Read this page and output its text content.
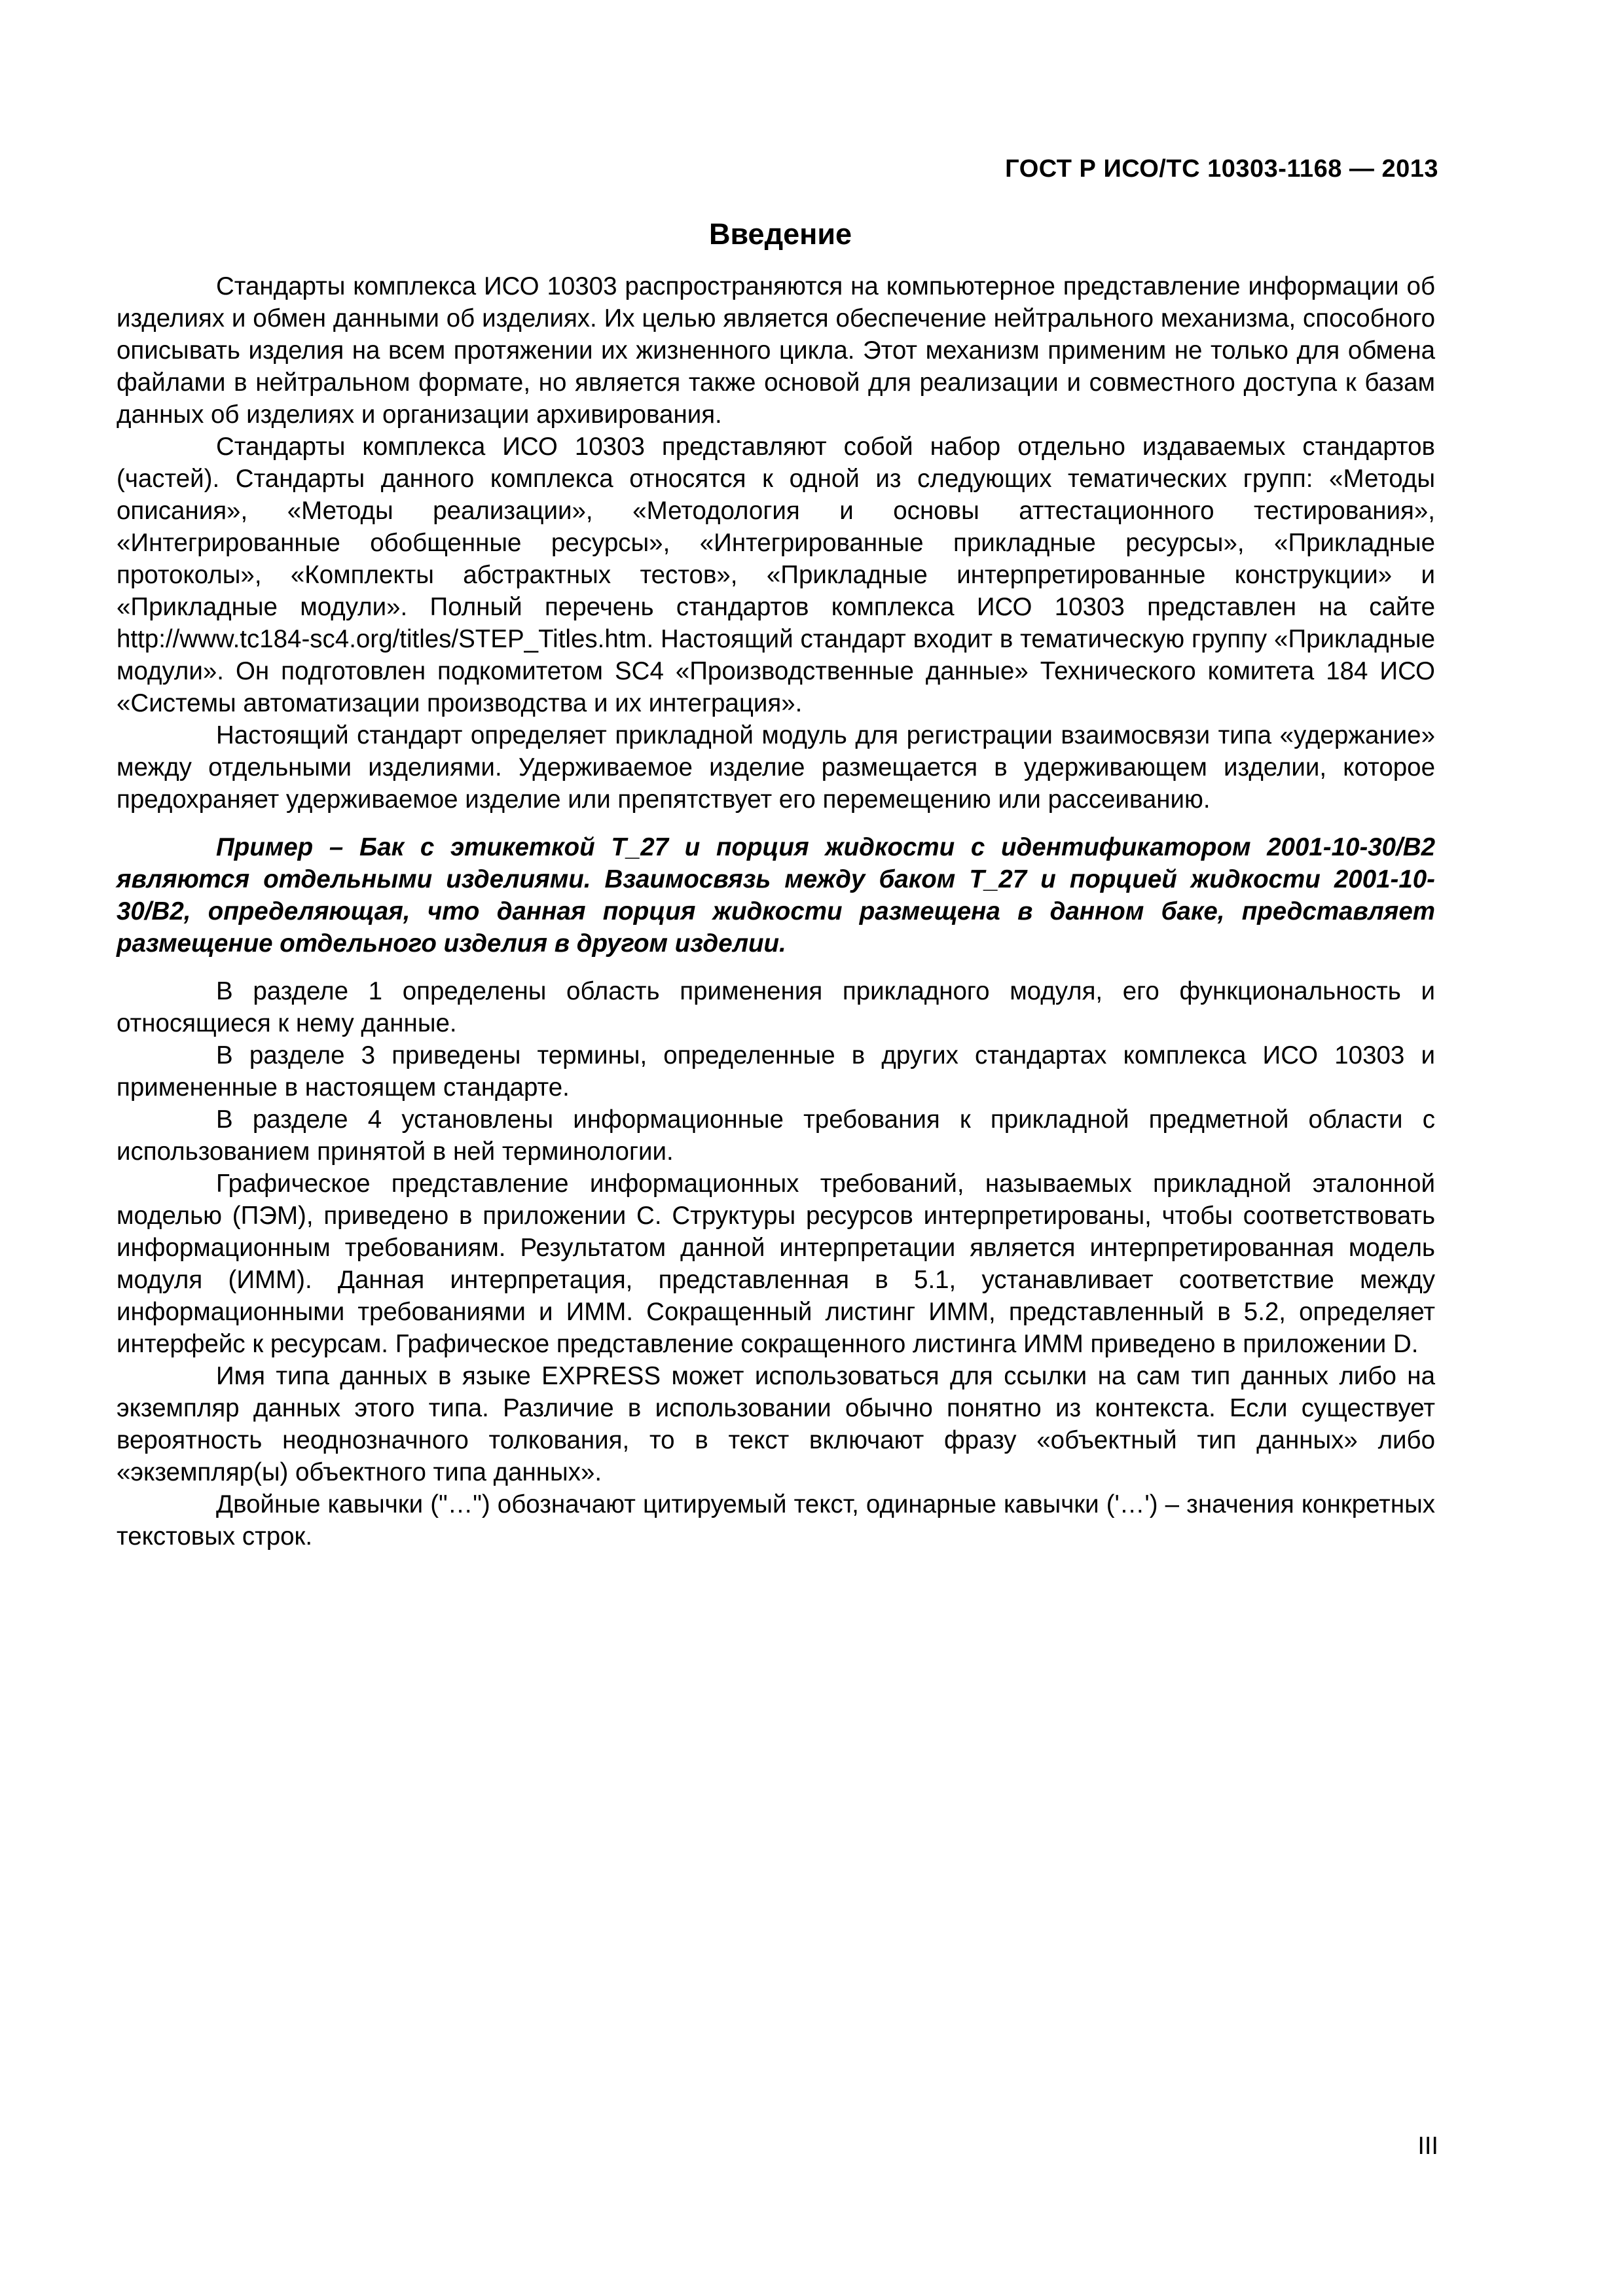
ГОСТ Р ИСО/ТС 10303-1168 — 2013
Введение

Стандарты комплекса ИСО 10303 распространяются на компьютерное представление информации об изделиях и обмен данными об изделиях. Их целью является обеспечение нейтрального механизма, способного описывать изделия на всем протяжении их жизненного цикла. Этот механизм применим не только для обмена файлами в нейтральном формате, но является также основой для реализации и совместного доступа к базам данных об изделиях и организации архивирования.

Стандарты комплекса ИСО 10303 представляют собой набор отдельно издаваемых стандартов (частей). Стандарты данного комплекса относятся к одной из следующих тематических групп: «Методы описания», «Методы реализации», «Методология и основы аттестационного тестирования», «Интегрированные обобщенные ресурсы», «Интегрированные прикладные ресурсы», «Прикладные протоколы», «Комплекты абстрактных тестов», «Прикладные интерпретированные конструкции» и «Прикладные модули». Полный перечень стандартов комплекса ИСО 10303 представлен на сайте http://www.tc184-sc4.org/titles/STEP_Titles.htm. Настоящий стандарт входит в тематическую группу «Прикладные модули». Он подготовлен подкомитетом SC4 «Производственные данные» Технического комитета 184 ИСО «Системы автоматизации производства и их интеграция».

Настоящий стандарт определяет прикладной модуль для регистрации взаимосвязи типа «удержание» между отдельными изделиями. Удерживаемое изделие размещается в удерживающем изделии, которое предохраняет удерживаемое изделие или препятствует его перемещению или рассеиванию.

Пример – Бак с этикеткой Т_27 и порция жидкости с идентификатором 2001-10-30/B2 являются отдельными изделиями. Взаимосвязь между баком Т_27 и порцией жидкости 2001-10-30/B2, определяющая, что данная порция жидкости размещена в данном баке, представляет размещение отдельного изделия в другом изделии.

В разделе 1 определены область применения прикладного модуля, его функциональность и относящиеся к нему данные.

В разделе 3 приведены термины, определенные в других стандартах комплекса ИСО 10303 и примененные в настоящем стандарте.

В разделе 4 установлены информационные требования к прикладной предметной области с использованием принятой в ней терминологии.

Графическое представление информационных требований, называемых прикладной эталонной моделью (ПЭМ), приведено в приложении С. Структуры ресурсов интерпретированы, чтобы соответствовать информационным требованиям. Результатом данной интерпретации является интерпретированная модель модуля (ИММ). Данная интерпретация, представленная в 5.1, устанавливает соответствие между информационными требованиями и ИММ. Сокращенный листинг ИММ, представленный в 5.2, определяет интерфейс к ресурсам. Графическое представление сокращенного листинга ИММ приведено в приложении D.

Имя типа данных в языке EXPRESS может использоваться для ссылки на сам тип данных либо на экземпляр данных этого типа. Различие в использовании обычно понятно из контекста. Если существует вероятность неоднозначного толкования, то в текст включают фразу «объектный тип данных» либо «экземпляр(ы) объектного типа данных».

Двойные кавычки ("…") обозначают цитируемый текст, одинарные кавычки ('…') – значения конкретных текстовых строк.

III
